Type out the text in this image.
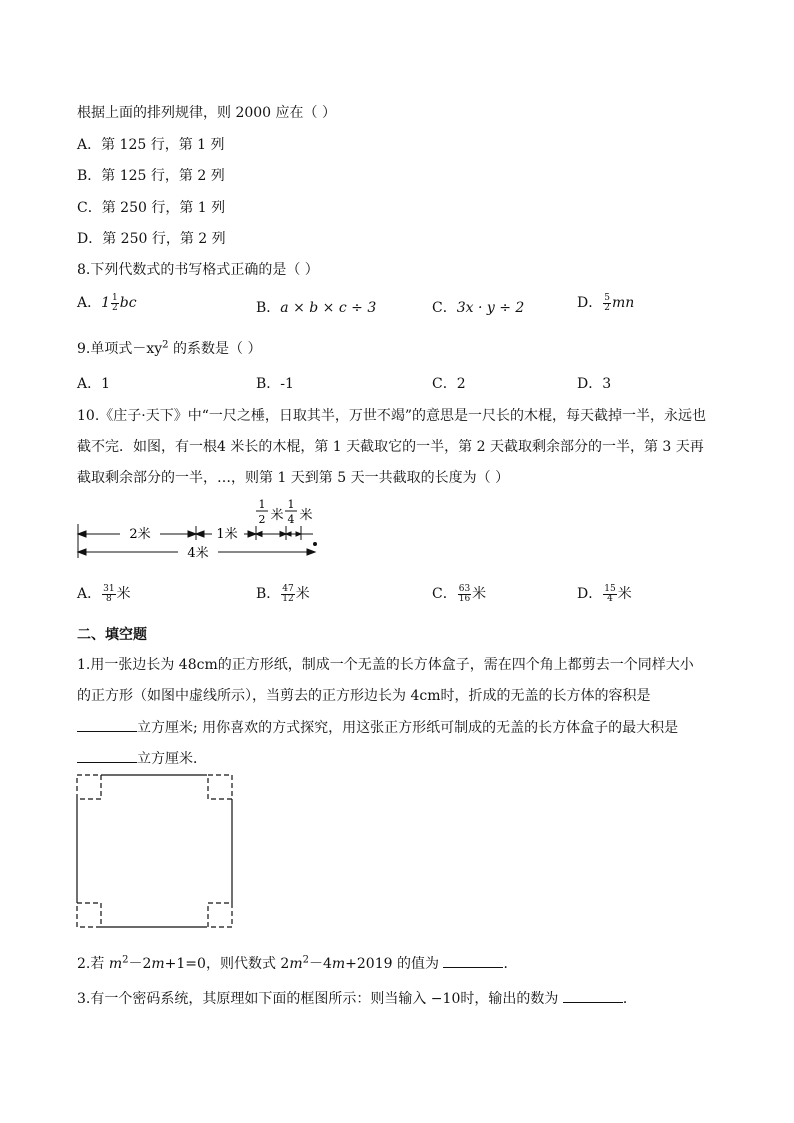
根据上面的排列规律，则 2000 应在（ ）
A．第 125 行，第 1 列
B．第 125 行，第 2 列
C．第 250 行，第 1 列
D．第 250 行，第 2 列
8.下列代数式的书写格式正确的是（ ）
A．$1 \frac{1}{2}$ bc	B．a × b × c ÷ 3	C．3x · y ÷ 2	D． $\frac{5}{2}$ mn
9.单项式$-xy^2$ 的系数是（ ）
A．1	B．-1	C．2	D．3
10.《庄子·天下》中“一尺之棰，日取其半，万世不竭”的意思是一尺长的木棍，每天截掉一半，永远也
截不完．如图，有一根4 米长的木棍，第 1 天截取它的一半，第 2 天截取剩余部分的一半，第 3 天再
截取剩余部分的一半，…，则第 1 天到第 5 天一共截取的长度为（ ）
2米	1米
1
2 米
1
4 米
4米
A． $\frac{31}{8}$ 米	B． $\frac{47}{12}$ 米	C． $\frac{63}{16}$ 米	D． $\frac{15}{4}$ 米
二、填空题
1.用一张边长为 48cm的正方形纸，制成一个无盖的长方体盒子，需在四个角上都剪去一个同样大小
的正方形（如图中虚线所示），当剪去的正方形边长为 4cm时，折成的无盖的长方体的容积是
立方厘米; 用你喜欢的方式探究，用这张正方形纸可制成的无盖的长方体盒子的最大积是
立方厘米．
2.若 $m^2-2m+1=0$，则代数式 $2m^2-4m+2019$ 的值为	．
3.有一个密码系统，其原理如下面的框图所示：则当输入 −10时，输出的数为	．
